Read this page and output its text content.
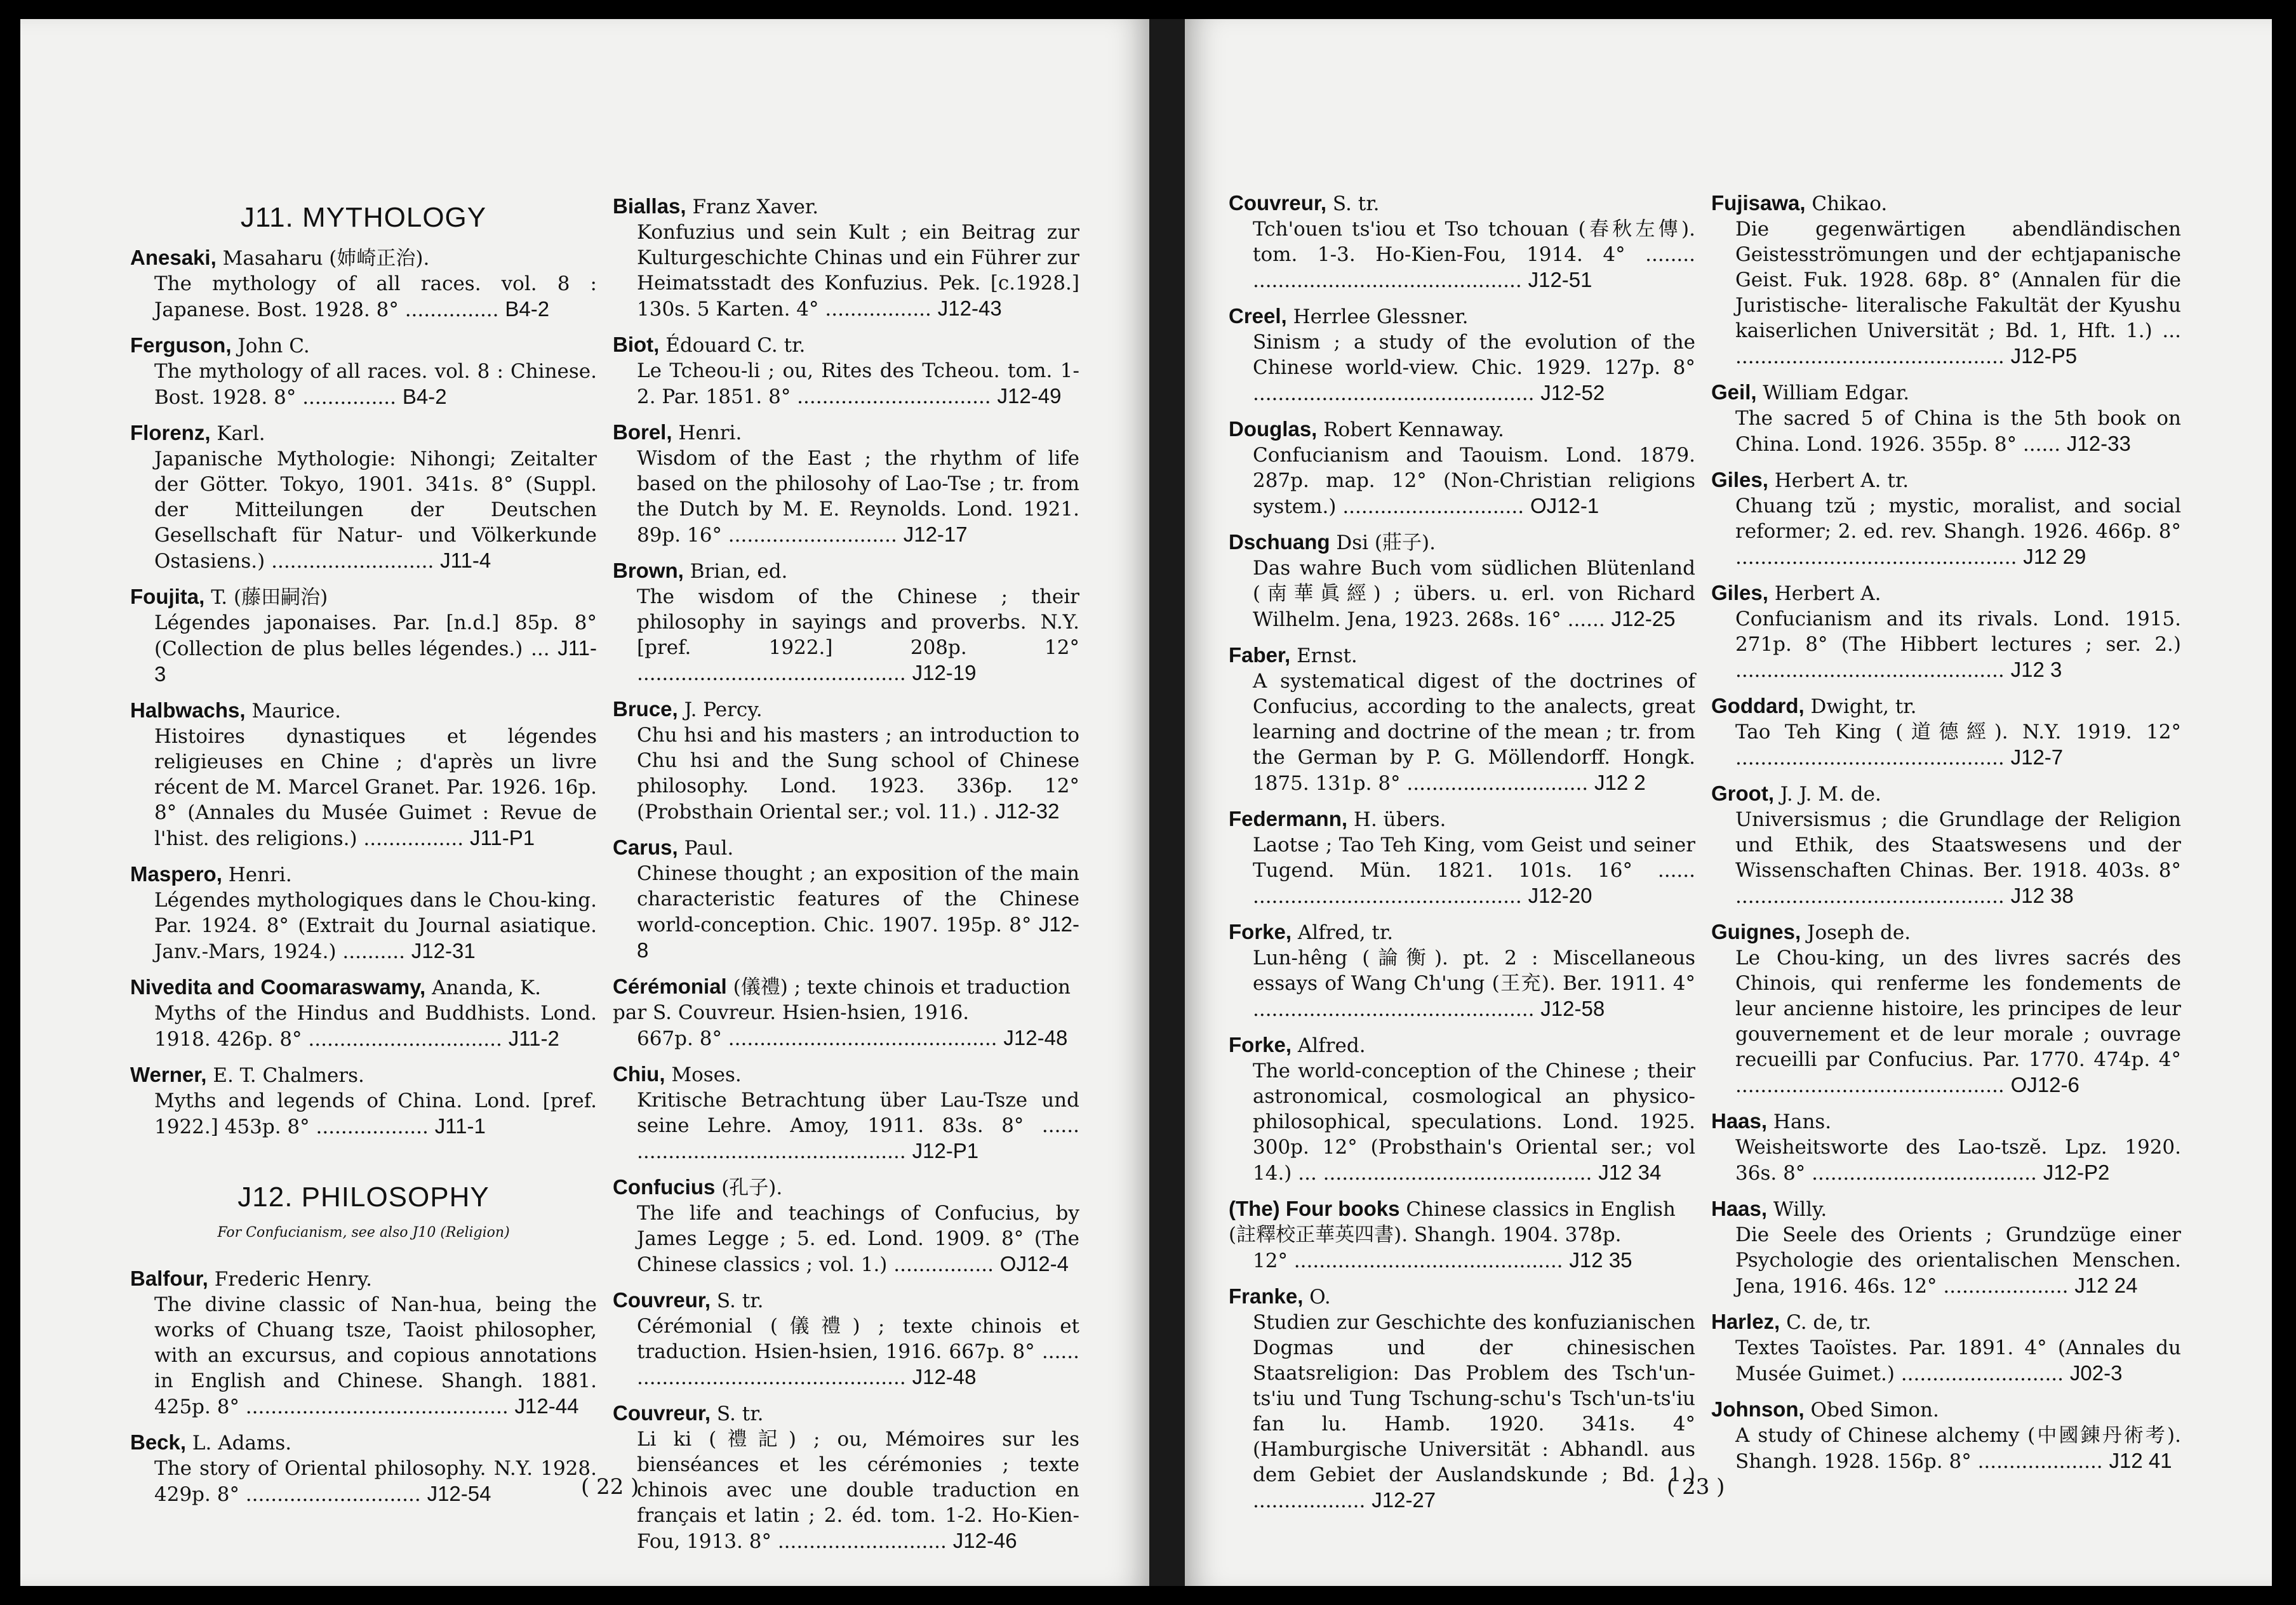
J11. MYTHOLOGY
Anesaki, Masaharu (姉崎正治).
The mythology of all races. vol. 8 : Japanese. Bost. 1928. 8° ............... B4-2
Ferguson, John C.
The mythology of all races. vol. 8 : Chinese. Bost. 1928. 8° ............... B4-2
Florenz, Karl.
Japanische Mythologie: Nihongi; Zeitalter der Götter. Tokyo, 1901. 341s. 8° (Suppl. der Mitteilungen der Deutschen Gesellschaft für Natur- und Völkerkunde Ostasiens.) .......................... J11-4
Foujita, T. (藤田嗣治)
Légendes japonaises. Par. [n.d.] 85p. 8° (Collection de plus belles légendes.) ... J11-3
Halbwachs, Maurice.
Histoires dynastiques et légendes religieuses en Chine ; d'après un livre récent de M. Marcel Granet. Par. 1926. 16p. 8° (Annales du Musée Guimet : Revue de l'hist. des religions.) ................ J11-P1
Maspero, Henri.
Légendes mythologiques dans le Chou-king. Par. 1924. 8° (Extrait du Journal asiatique. Janv.-Mars, 1924.) .......... J12-31
Nivedita and Coomaraswamy, Ananda, K.
Myths of the Hindus and Buddhists. Lond. 1918. 426p. 8° ............................... J11-2
Werner, E. T. Chalmers.
Myths and legends of China. Lond. [pref. 1922.] 453p. 8° .................. J11-1
J12. PHILOSOPHY
For Confucianism, see also J10 (Religion)
Balfour, Frederic Henry.
The divine classic of Nan-hua, being the works of Chuang tsze, Taoist philosopher, with an excursus, and copious annotations in English and Chinese. Shangh. 1881. 425p. 8° .......................................... J12-44
Beck, L. Adams.
The story of Oriental philosophy. N.Y. 1928. 429p. 8° ............................ J12-54
Biallas, Franz Xaver.
Konfuzius und sein Kult ; ein Beitrag zur Kulturgeschichte Chinas und ein Führer zur Heimatsstadt des Konfuzius. Pek. [c.1928.] 130s. 5 Karten. 4° ................. J12-43
Biot, Édouard C. tr.
Le Tcheou-li ; ou, Rites des Tcheou. tom. 1-2. Par. 1851. 8° ............................... J12-49
Borel, Henri.
Wisdom of the East ; the rhythm of life based on the philosohy of Lao-Tse ; tr. from the Dutch by M. E. Reynolds. Lond. 1921. 89p. 16° ........................... J12-17
Brown, Brian, ed.
The wisdom of the Chinese ; their philosophy in sayings and proverbs. N.Y. [pref. 1922.] 208p. 12° ........................................... J12-19
Bruce, J. Percy.
Chu hsi and his masters ; an introduction to Chu hsi and the Sung school of Chinese philosophy. Lond. 1923. 336p. 12° (Probsthain Oriental ser.; vol. 11.) . J12-32
Carus, Paul.
Chinese thought ; an exposition of the main characteristic features of the Chinese world-conception. Chic. 1907. 195p. 8° J12-8
Cérémonial (儀禮) ; texte chinois et traduction par S. Couvreur. Hsien-hsien, 1916.
667p. 8° ........................................... J12-48
Chiu, Moses.
Kritische Betrachtung über Lau-Tsze und seine Lehre. Amoy, 1911. 83s. 8° ...... ........................................... J12-P1
Confucius (孔子).
The life and teachings of Confucius, by James Legge ; 5. ed. Lond. 1909. 8° (The Chinese classics ; vol. 1.) ................ OJ12-4
Couvreur, S. tr.
Cérémonial (儀禮) ; texte chinois et traduction. Hsien-hsien, 1916. 667p. 8° ...... ........................................... J12-48
Couvreur, S. tr.
Li ki (禮記) ; ou, Mémoires sur les bienséances et les cérémonies ; texte chinois avec une double traduction en français et latin ; 2. éd. tom. 1-2. Ho-Kien-Fou, 1913. 8° ........................... J12-46
Couvreur, S. tr.
Tch'ouen ts'iou et Tso tchouan (春秋左傳). tom. 1-3. Ho-Kien-Fou, 1914. 4° ........ ........................................... J12-51
Creel, Herrlee Glessner.
Sinism ; a study of the evolution of the Chinese world-view. Chic. 1929. 127p. 8° ............................................. J12-52
Douglas, Robert Kennaway.
Confucianism and Taouism. Lond. 1879. 287p. map. 12° (Non-Christian religions system.) ............................. OJ12-1
Dschuang Dsi (莊子).
Das wahre Buch vom südlichen Blütenland (南華眞經) ; übers. u. erl. von Richard Wilhelm. Jena, 1923. 268s. 16° ...... J12-25
Faber, Ernst.
A systematical digest of the doctrines of Confucius, according to the analects, great learning and doctrine of the mean ; tr. from the German by P. G. Möllendorff. Hongk. 1875. 131p. 8° ............................. J12 2
Federmann, H. übers.
Laotse ; Tao Teh King, vom Geist und seiner Tugend. Mün. 1821. 101s. 16° ...... ........................................... J12-20
Forke, Alfred, tr.
Lun-hêng (論衡). pt. 2 : Miscellaneous essays of Wang Ch'ung (王充). Ber. 1911. 4° ............................................. J12-58
Forke, Alfred.
The world-conception of the Chinese ; their astronomical, cosmological an physico-philosophical, speculations. Lond. 1925. 300p. 12° (Probsthain's Oriental ser.; vol 14.) ... ........................................... J12 34
(The) Four books Chinese classics in English (註釋校正華英四書). Shangh. 1904. 378p.
12° ........................................... J12 35
Franke, O.
Studien zur Geschichte des konfuzianischen Dogmas und der chinesischen Staatsreligion: Das Problem des Tsch'un-ts'iu und Tung Tschung-schu's Tsch'un-ts'iu fan lu. Hamb. 1920. 341s. 4° (Hamburgische Universität : Abhandl. aus dem Gebiet der Auslandskunde ; Bd. 1.) .................. J12-27
Fujisawa, Chikao.
Die gegenwärtigen abendländischen Geistesströmungen und der echtjapanische Geist. Fuk. 1928. 68p. 8° (Annalen für die Juristische- literalische Fakultät der Kyushu kaiserlichen Universität ; Bd. 1, Hft. 1.) ... ........................................... J12-P5
Geil, William Edgar.
The sacred 5 of China is the 5th book on China. Lond. 1926. 355p. 8° ...... J12-33
Giles, Herbert A. tr.
Chuang tzŭ ; mystic, moralist, and social reformer; 2. ed. rev. Shangh. 1926. 466p. 8° ............................................. J12 29
Giles, Herbert A.
Confucianism and its rivals. Lond. 1915. 271p. 8° (The Hibbert lectures ; ser. 2.) ........................................... J12 3
Goddard, Dwight, tr.
Tao Teh King (道德經). N.Y. 1919. 12° ........................................... J12-7
Groot, J. J. M. de.
Universismus ; die Grundlage der Religion und Ethik, des Staatswesens und der Wissenschaften Chinas. Ber. 1918. 403s. 8° ........................................... J12 38
Guignes, Joseph de.
Le Chou-king, un des livres sacrés des Chinois, qui renferme les fondements de leur ancienne histoire, les principes de leur gouvernement et de leur morale ; ouvrage recueilli par Confucius. Par. 1770. 474p. 4° ........................................... OJ12-6
Haas, Hans.
Weisheitsworte des Lao-tszĕ. Lpz. 1920. 36s. 8° .................................... J12-P2
Haas, Willy.
Die Seele des Orients ; Grundzüge einer Psychologie des orientalischen Menschen. Jena, 1916. 46s. 12° .................... J12 24
Harlez, C. de, tr.
Textes Taoïstes. Par. 1891. 4° (Annales du Musée Guimet.) .......................... J02-3
Johnson, Obed Simon.
A study of Chinese alchemy (中國錬丹術考). Shangh. 1928. 156p. 8° .................... J12 41
( 22 )	( 23 )
